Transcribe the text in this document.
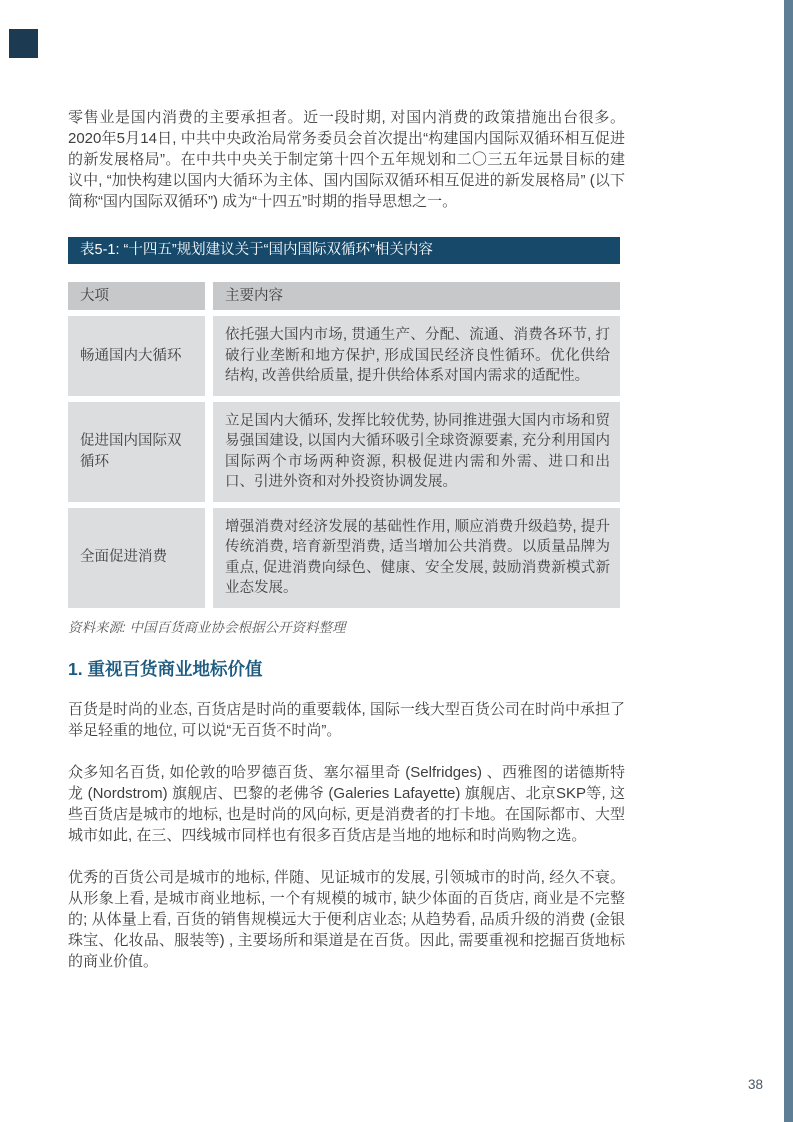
零售业是国内消费的主要承担者。近一段时期, 对国内消费的政策措施出台很多。2020年5月14日, 中共中央政治局常务委员会首次提出“构建国内国际双循环相互促进的新发展格局”。在中共中央关于制定第十四个五年规划和二〇三五年远景目标的建议中, “加快构建以国内大循环为主体、国内国际双循环相互促进的新发展格局” (以下简称“国内国际双循环”) 成为“十四五”时期的指导思想之一。

表5-1: “十四五”规划建议关于“国内国际双循环”相关内容
大项	主要内容
畅通国内大循环
依托强大国内市场, 贯通生产、分配、流通、消费各环节, 打破行业垄断和地方保护, 形成国民经济良性循环。优化供给结构, 改善供给质量, 提升供给体系对国内需求的适配性。
促进国内国际双循环
立足国内大循环, 发挥比较优势, 协同推进强大国内市场和贸易强国建设, 以国内大循环吸引全球资源要素, 充分利用国内国际两个市场两种资源, 积极促进内需和外需、进口和出口、引进外资和对外投资协调发展。
全面促进消费
增强消费对经济发展的基础性作用, 顺应消费升级趋势, 提升传统消费, 培育新型消费, 适当增加公共消费。以质量品牌为重点, 促进消费向绿色、健康、安全发展, 鼓励消费新模式新业态发展。

资料来源: 中国百货商业协会根据公开资料整理

1. 重视百货商业地标价值

百货是时尚的业态, 百货店是时尚的重要载体, 国际一线大型百货公司在时尚中承担了举足轻重的地位, 可以说“无百货不时尚”。

众多知名百货, 如伦敦的哈罗德百货、塞尔福里奇 (Selfridges) 、西雅图的诺德斯特龙 (Nordstrom) 旗舰店、巴黎的老佛爷 (Galeries Lafayette) 旗舰店、北京SKP等, 这些百货店是城市的地标, 也是时尚的风向标, 更是消费者的打卡地。在国际都市、大型城市如此, 在三、四线城市同样也有很多百货店是当地的地标和时尚购物之选。

优秀的百货公司是城市的地标, 伴随、见证城市的发展, 引领城市的时尚, 经久不衰。从形象上看, 是城市商业地标, 一个有规模的城市, 缺少体面的百货店, 商业是不完整的; 从体量上看, 百货的销售规模远大于便利店业态; 从趋势看, 品质升级的消费 (金银珠宝、化妆品、服装等) , 主要场所和渠道是在百货。因此, 需要重视和挖掘百货地标的商业价值。

38
